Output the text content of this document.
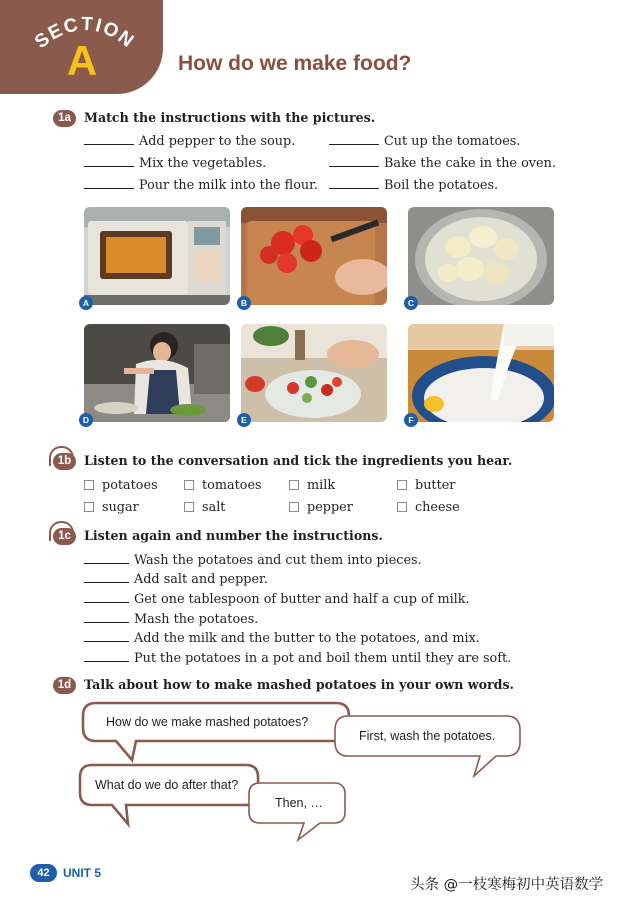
SECTION
A	How do we make food?
1a	Match the instructions with the pictures.
Add pepper to the soup.
Mix the vegetables.
Pour the milk into the flour.
Cut up the tomatoes.
Bake the cake in the oven.
Boil the potatoes.
A	B	C
D	E	F
1b	Listen to the conversation and tick the ingredients you hear.
potatoes	tomatoes	milk	butter
sugar	salt	pepper	cheese
1c	Listen again and number the instructions.
Wash the potatoes and cut them into pieces.
Add salt and pepper.
Get one tablespoon of butter and half a cup of milk.
Mash the potatoes.
Add the milk and the butter to the potatoes, and mix.
Put the potatoes in a pot and boil them until they are soft.
1d	Talk about how to make mashed potatoes in your own words.
How do we make mashed potatoes?
First, wash the potatoes.
What do we do after that?
Then, …
42	UNIT 5
头条 @一枝寒梅初中英语数学
